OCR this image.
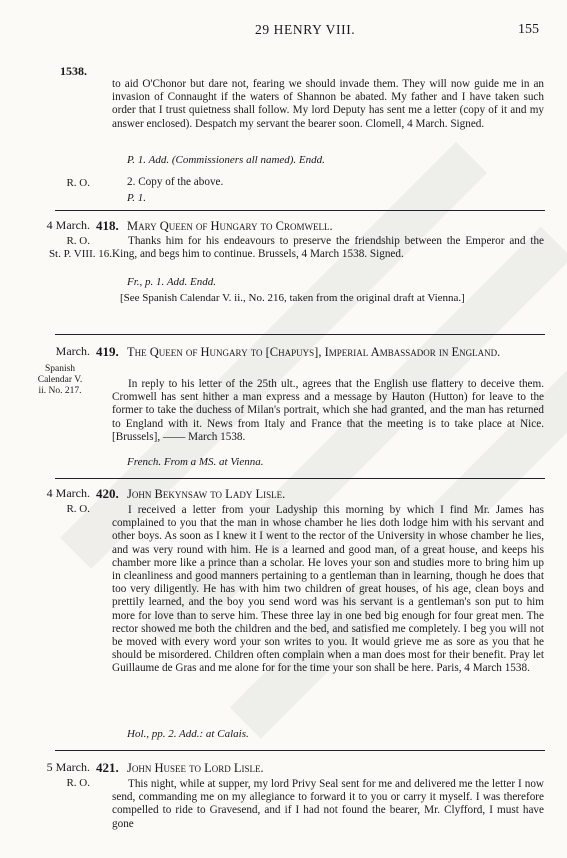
29 HENRY VIII.	155
1538.
to aid O'Chonor but dare not, fearing we should invade them. They will now guide me in an invasion of Connaught if the waters of Shannon be abated. My father and I have taken such order that I trust quietness shall follow. My lord Deputy has sent me a letter (copy of it and my answer enclosed). Despatch my servant the bearer soon. Clomell, 4 March. Signed.
P. 1. Add. (Commissioners all named). Endd.
R. O.	2. Copy of the above.
P. 1.
4 March.
R. O.
St. P. VIII. 16.
418. Mary Queen of Hungary to Cromwell.
Thanks him for his endeavours to preserve the friendship between the Emperor and the King, and begs him to continue. Brussels, 4 March 1538. Signed.
Fr., p. 1. Add. Endd.
[See Spanish Calendar V. ii., No. 216, taken from the original draft at Vienna.]
March.
Spanish Calendar V. ii. No. 217.
419. The Queen of Hungary to [Chapuys], Imperial Ambassador in England.
In reply to his letter of the 25th ult., agrees that the English use flattery to deceive them. Cromwell has sent hither a man express and a message by Hauton (Hutton) for leave to the former to take the duchess of Milan's portrait, which she had granted, and the man has returned to England with it. News from Italy and France that the meeting is to take place at Nice. [Brussels], —— March 1538.
French. From a MS. at Vienna.
4 March.
R. O.
420. John Bekynsaw to Lady Lisle.
I received a letter from your Ladyship this morning by which I find Mr. James has complained to you that the man in whose chamber he lies doth lodge him with his servant and other boys. As soon as I knew it I went to the rector of the University in whose chamber he lies, and was very round with him. He is a learned and good man, of a great house, and keeps his chamber more like a prince than a scholar. He loves your son and studies more to bring him up in cleanliness and good manners pertaining to a gentleman than in learning, though he does that too very diligently. He has with him two children of great houses, of his age, clean boys and prettily learned, and the boy you send word was his servant is a gentleman's son put to him more for love than to serve him. These three lay in one bed big enough for four great men. The rector showed me both the children and the bed, and satisfied me completely. I beg you will not be moved with every word your son writes to you. It would grieve me as sore as you that he should be misordered. Children often complain when a man does most for their benefit. Pray let Guillaume de Gras and me alone for for the time your son shall be here. Paris, 4 March 1538.
Hol., pp. 2. Add.: at Calais.
5 March.
R. O.
421. John Husee to Lord Lisle.
This night, while at supper, my lord Privy Seal sent for me and delivered me the letter I now send, commanding me on my allegiance to forward it to you or carry it myself. I was therefore compelled to ride to Gravesend, and if I had not found the bearer, Mr. Clyfford, I must have gone
